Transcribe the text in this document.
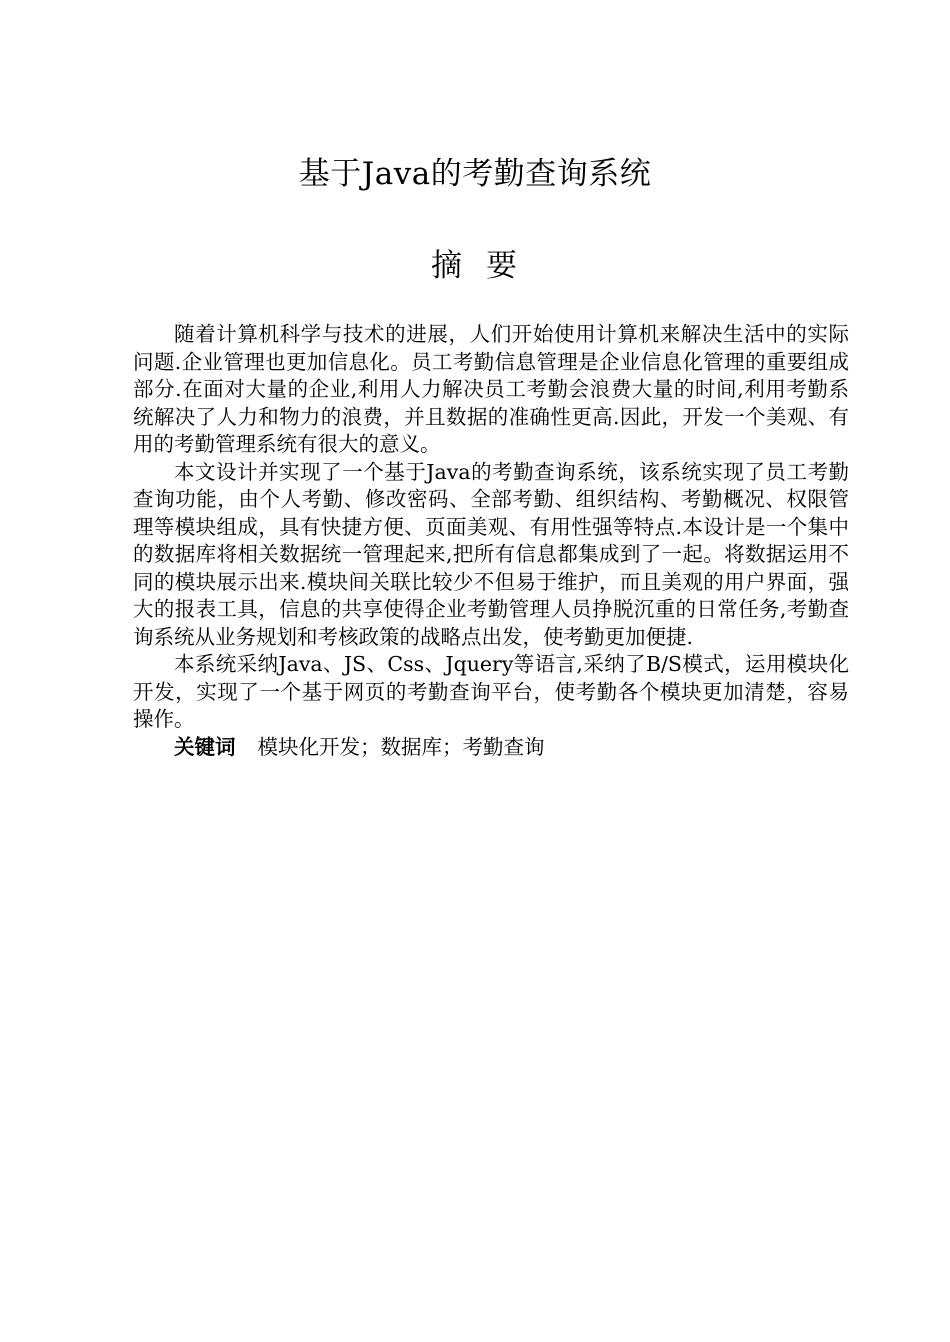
基于Java的考勤查询系统
摘 要

随着计算机科学与技术的进展，人们开始使用计算机来解决生活中的实际问题.企业管理也更加信息化。员工考勤信息管理是企业信息化管理的重要组成部分.在面对大量的企业,利用人力解决员工考勤会浪费大量的时间,利用考勤系统解决了人力和物力的浪费，并且数据的准确性更高.因此，开发一个美观、有用的考勤管理系统有很大的意义。

本文设计并实现了一个基于Java的考勤查询系统，该系统实现了员工考勤查询功能，由个人考勤、修改密码、全部考勤、组织结构、考勤概况、权限管理等模块组成，具有快捷方便、页面美观、有用性强等特点.本设计是一个集中的数据库将相关数据统一管理起来,把所有信息都集成到了一起。将数据运用不同的模块展示出来.模块间关联比较少不但易于维护，而且美观的用户界面，强大的报表工具，信息的共享使得企业考勤管理人员挣脱沉重的日常任务,考勤查询系统从业务规划和考核政策的战略点出发，使考勤更加便捷.

本系统采纳Java、JS、Css、Jquery等语言,采纳了B/S模式，运用模块化开发，实现了一个基于网页的考勤查询平台，使考勤各个模块更加清楚，容易操作。

关键词 模块化开发；数据库；考勤查询
